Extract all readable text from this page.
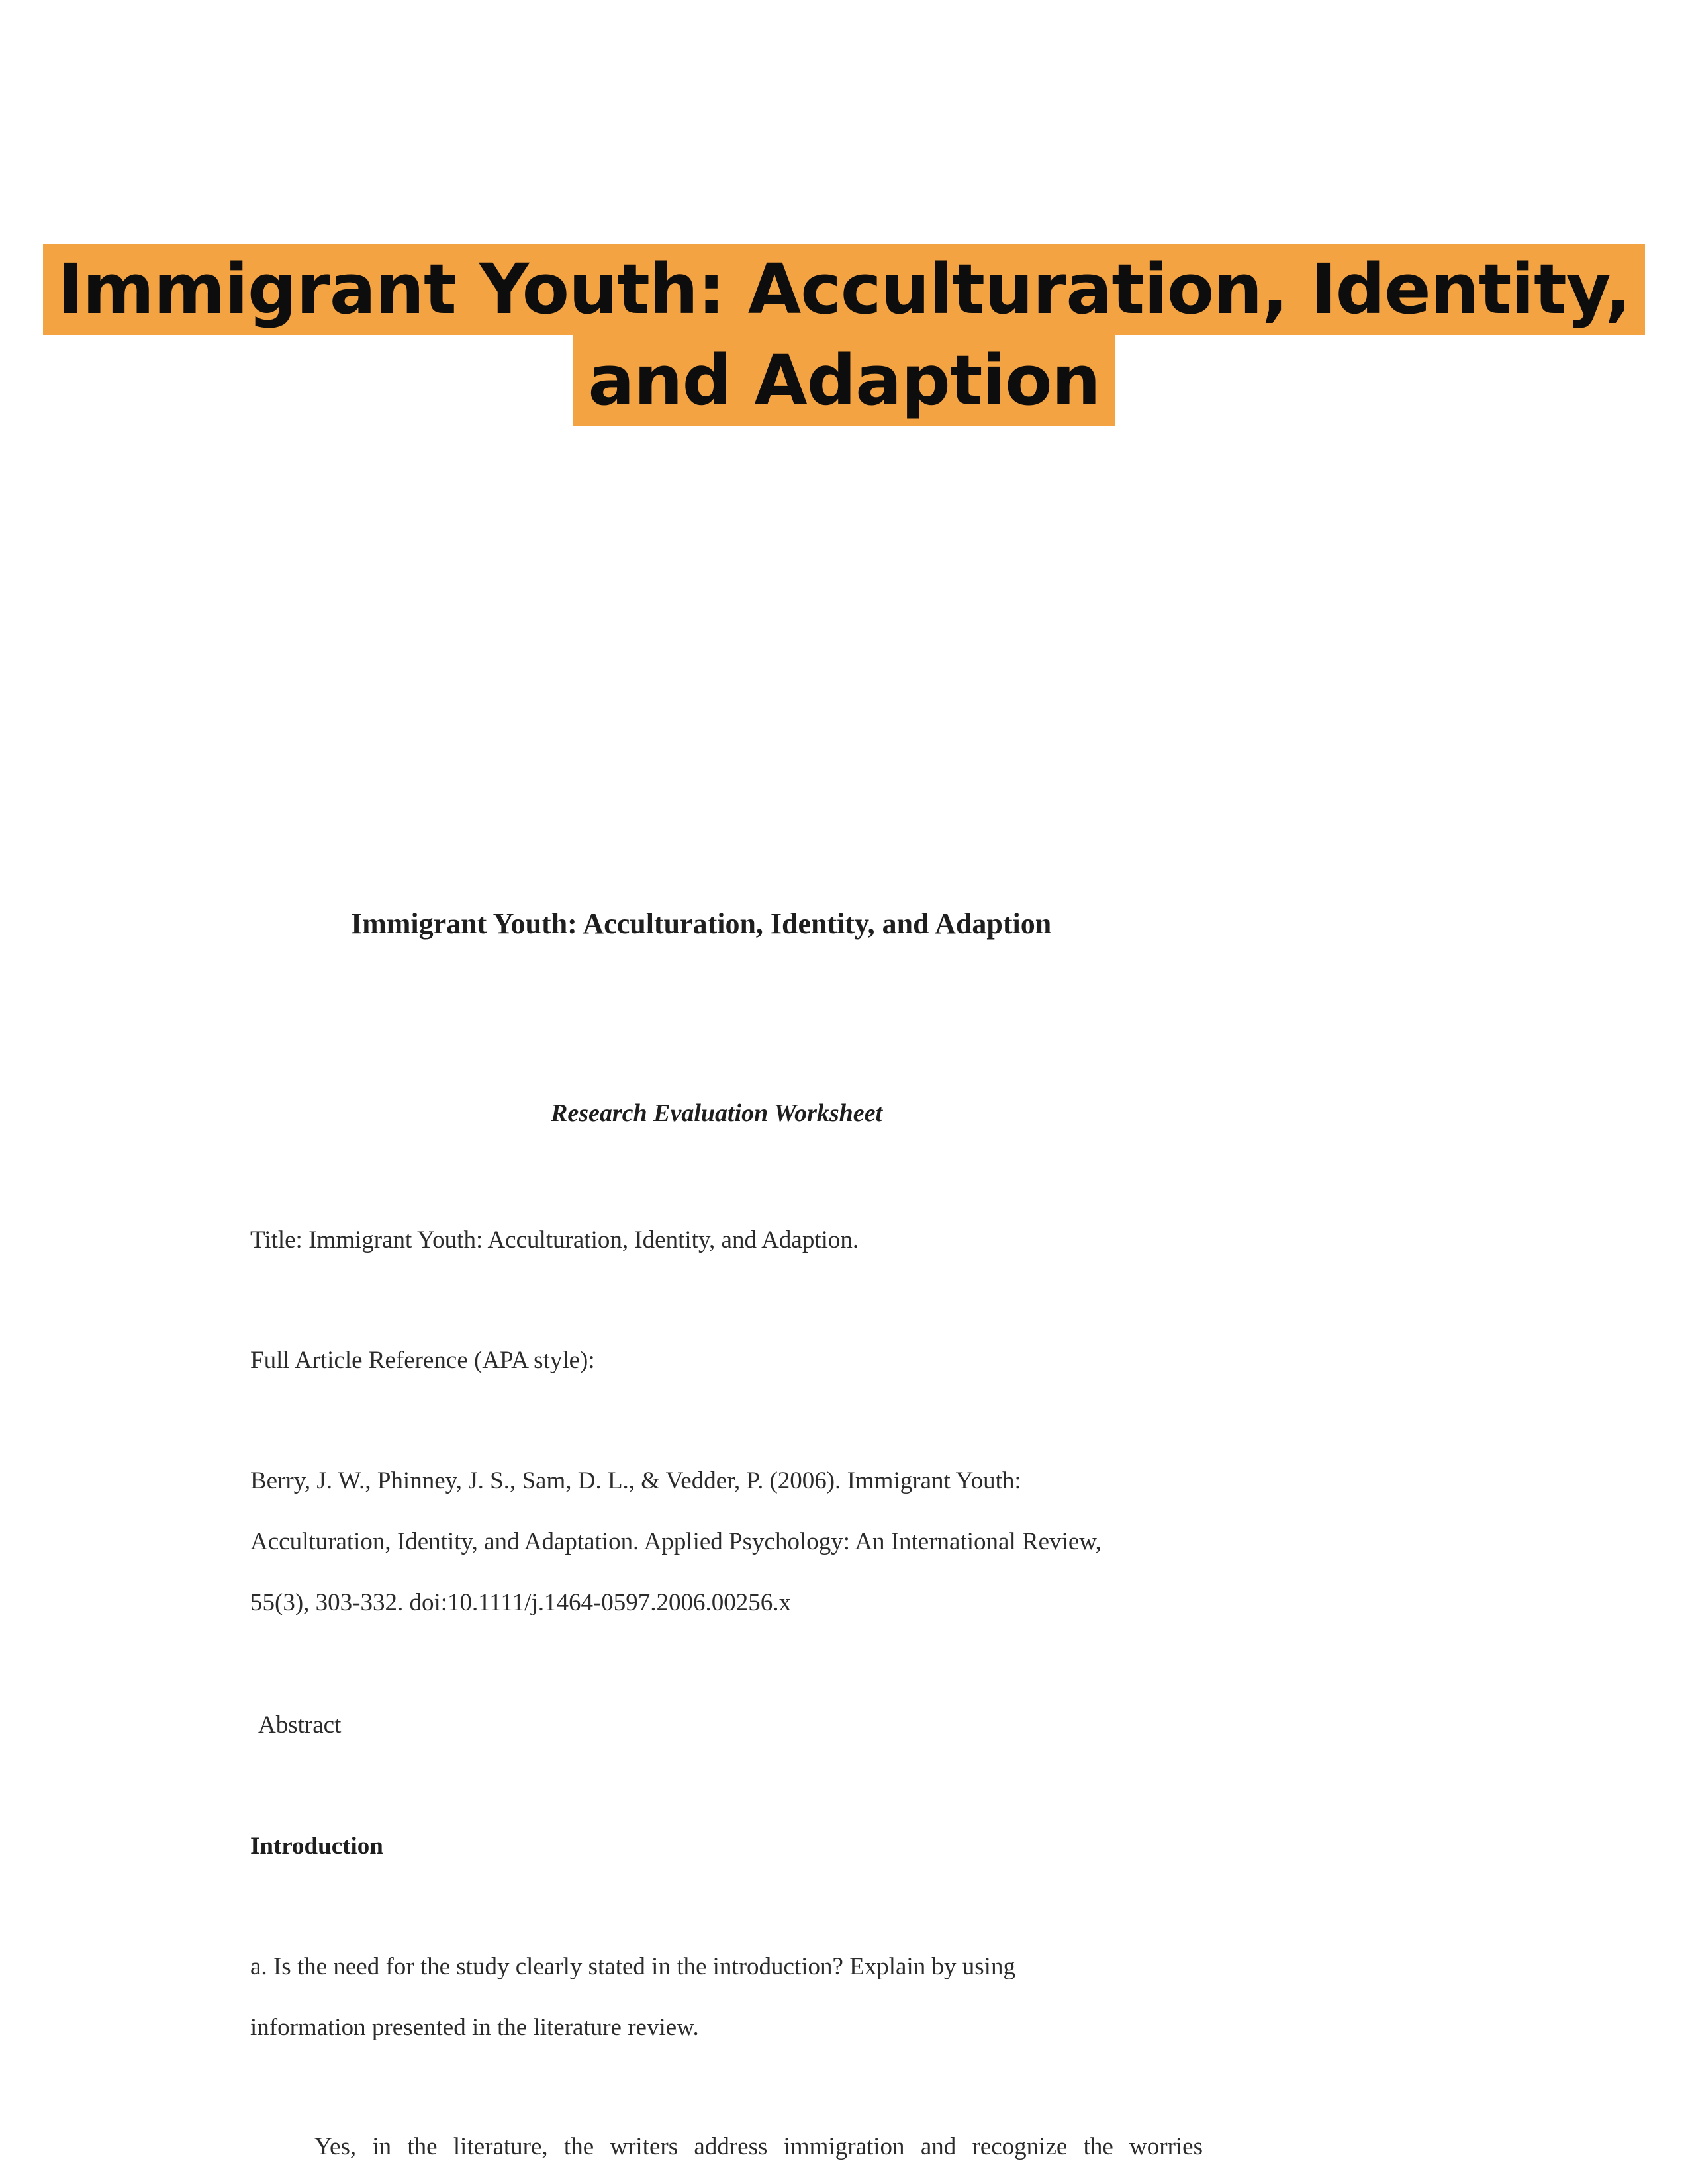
Immigrant Youth: Acculturation, Identity,
and Adaption
Immigrant Youth: Acculturation, Identity, and Adaption
Research Evaluation Worksheet
Title: Immigrant Youth: Acculturation, Identity, and Adaption.
Full Article Reference (APA style):
Berry, J. W., Phinney, J. S., Sam, D. L., & Vedder, P. (2006). Immigrant Youth:
Acculturation, Identity, and Adaptation. Applied Psychology: An International Review,
55(3), 303-332. doi:10.1111/j.1464-0597.2006.00256.x
Abstract
Introduction
a. Is the need for the study clearly stated in the introduction? Explain by using
information presented in the literature review.
Yes, in the literature, the writers address immigration and recognize the worries
